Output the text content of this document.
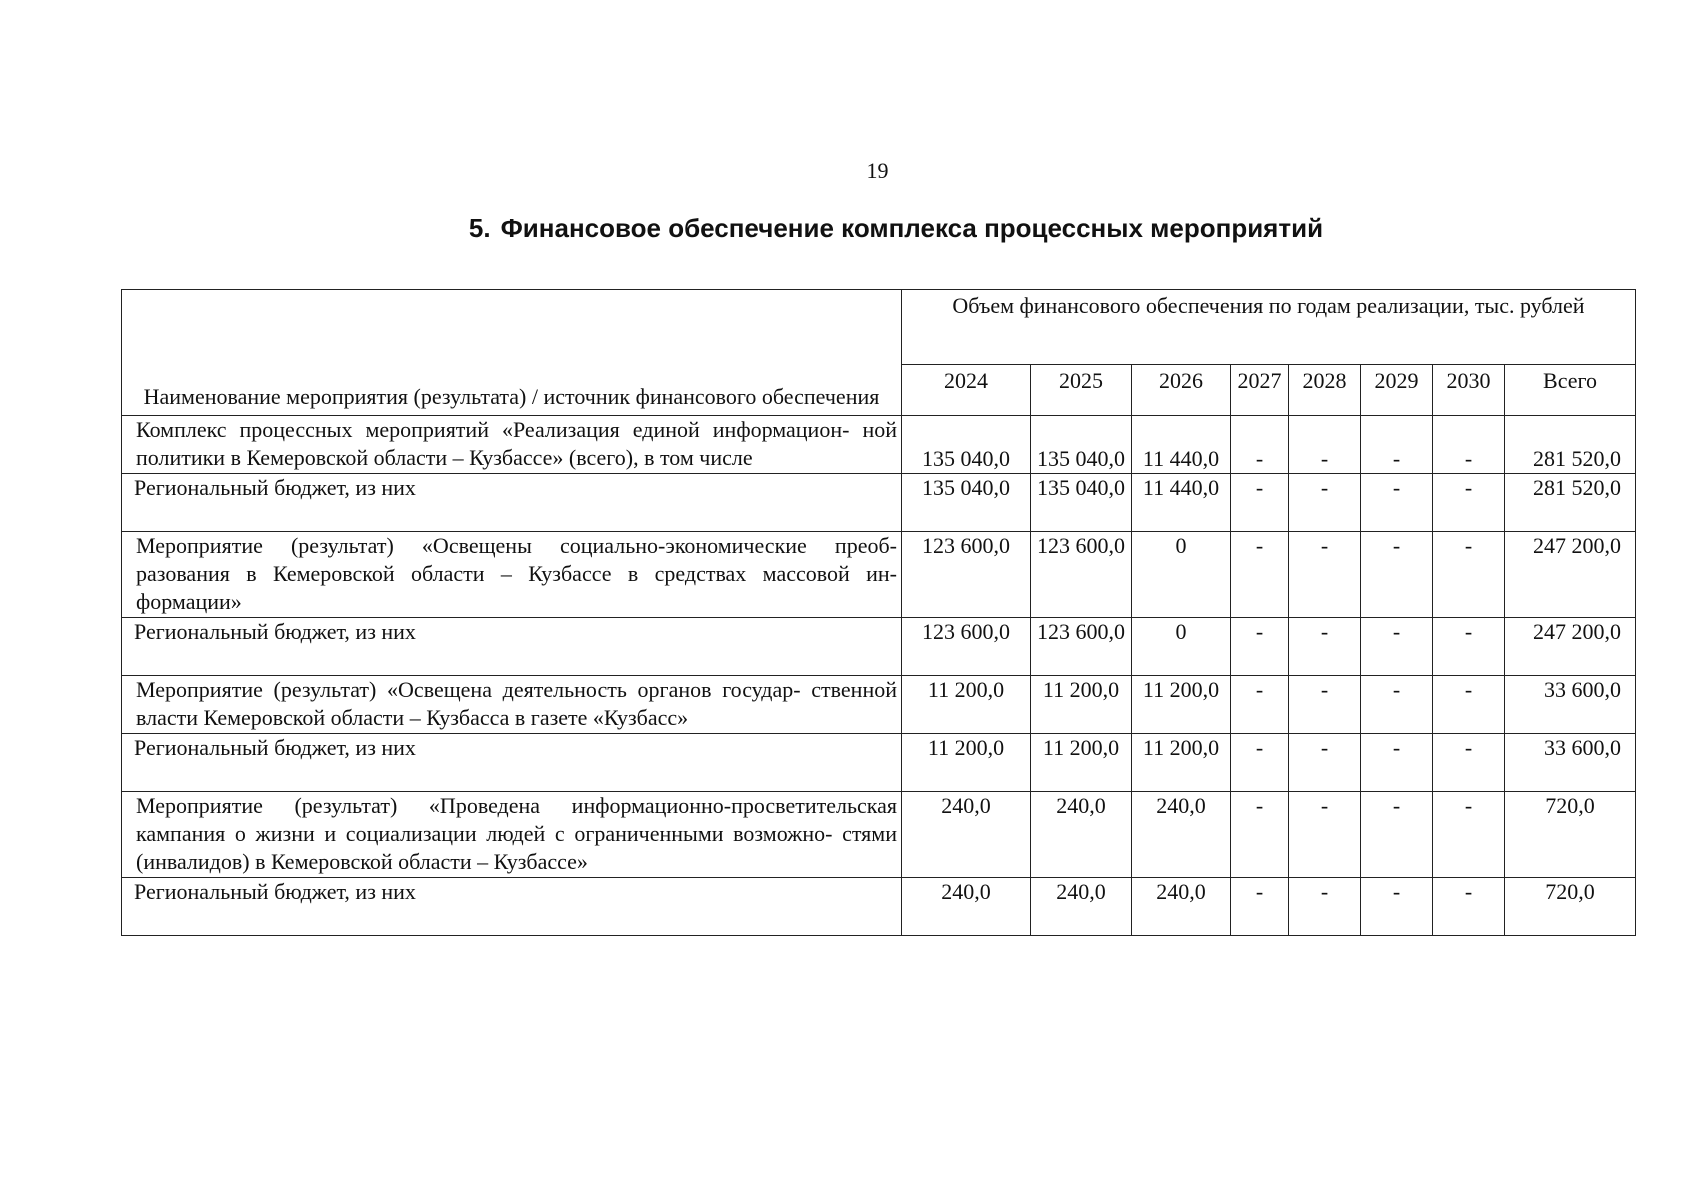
19
5. Финансовое обеспечение комплекса процессных мероприятий
Наименование мероприятия (результата) / источник финансового обеспечения	Объем финансового обеспечения по годам реализации, тыс. рублей							
	2024	2025	2026	2027	2028	2029	2030	Всего
Комплекс процессных мероприятий «Реализация единой информацион- ной политики в Кемеровской области – Кузбассе» (всего), в том числе	135 040,0	135 040,0	11 440,0	-	-	-	-	281 520,0
Региональный бюджет, из них	135 040,0	135 040,0	11 440,0	-	-	-	-	281 520,0
Мероприятие (результат) «Освещены социально-экономические преоб- разования в Кемеровской области – Кузбассе в средствах массовой ин- формации»	123 600,0	123 600,0	0	-	-	-	-	247 200,0
Региональный бюджет, из них	123 600,0	123 600,0	0	-	-	-	-	247 200,0
Мероприятие (результат) «Освещена деятельность органов государ- ственной власти Кемеровской области – Кузбасса в газете «Кузбасс»	11 200,0	11 200,0	11 200,0	-	-	-	-	33 600,0
Региональный бюджет, из них	11 200,0	11 200,0	11 200,0	-	-	-	-	33 600,0
Мероприятие (результат) «Проведена информационно-просветительская кампания о жизни и социализации людей с ограниченными возможно- стями (инвалидов) в Кемеровской области – Кузбассе»	240,0	240,0	240,0	-	-	-	-	720,0
Региональный бюджет, из них	240,0	240,0	240,0	-	-	-	-	720,0
